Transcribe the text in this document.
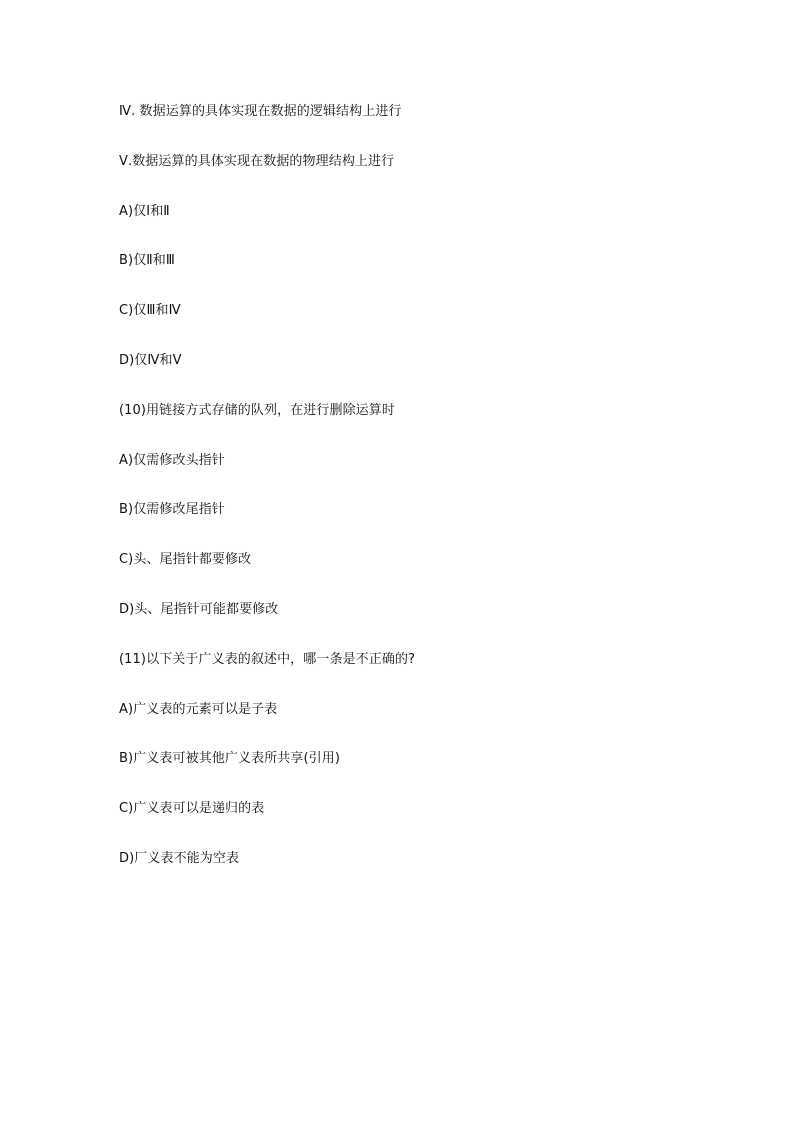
Ⅳ. 数据运算的具体实现在数据的逻辑结构上进行
Ⅴ.数据运算的具体实现在数据的物理结构上进行
A)仅Ⅰ和Ⅱ
B)仅Ⅱ和Ⅲ
C)仅Ⅲ和Ⅳ
D)仅Ⅳ和Ⅴ
(10)用链接方式存储的队列，在进行删除运算时
A)仅需修改头指针
B)仅需修改尾指针
C)头、尾指针都要修改
D)头、尾指针可能都要修改
(11)以下关于广义表的叙述中，哪一条是不正确的?
A)广义表的元素可以是子表
B)广义表可被其他广义表所共享(引用)
C)广义表可以是递归的表
D)厂义表不能为空表
